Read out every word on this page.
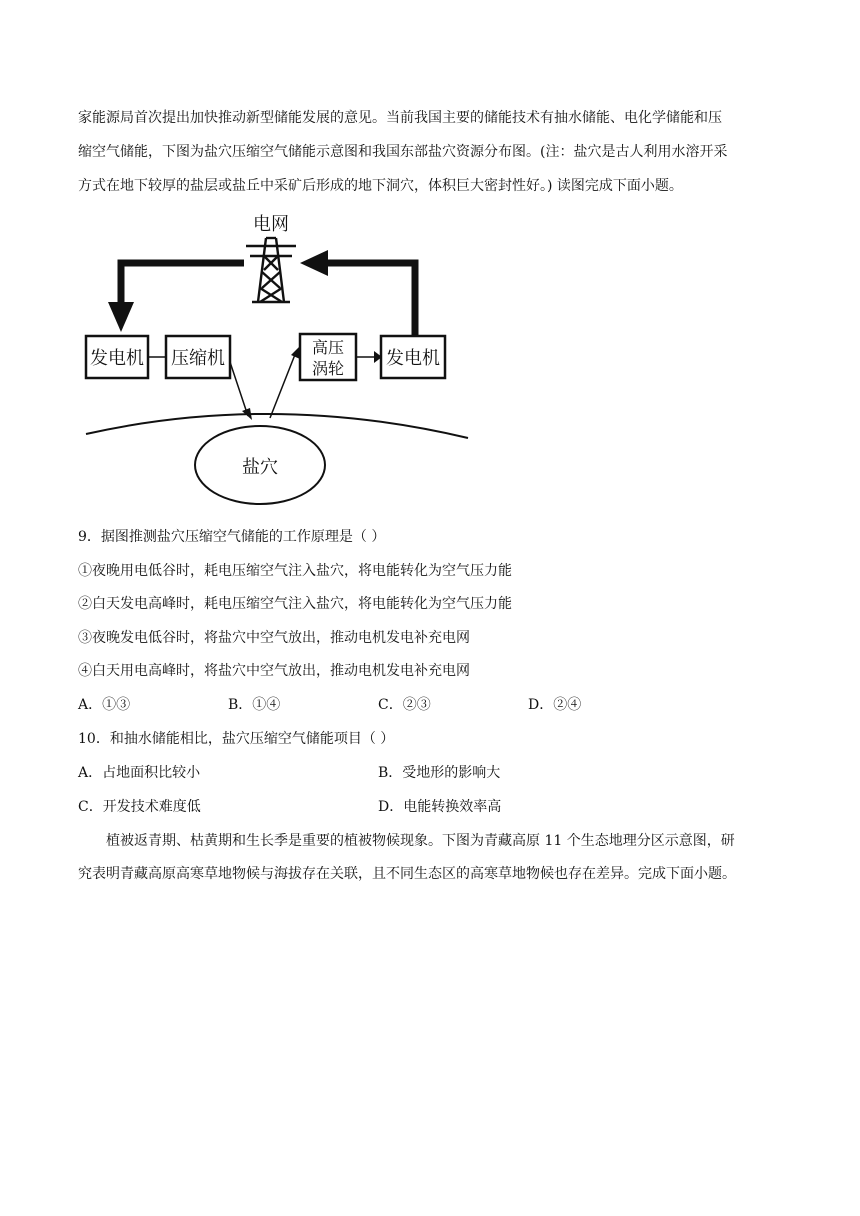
家能源局首次提出加快推动新型储能发展的意见。当前我国主要的储能技术有抽水储能、电化学储能和压
缩空气储能，下图为盐穴压缩空气储能示意图和我国东部盐穴资源分布图。(注：盐穴是古人利用水溶开采
方式在地下较厚的盐层或盐丘中采矿后形成的地下洞穴，体积巨大密封性好。) 读图完成下面小题。
盐穴
电网
发电机 压缩机
高压
涡轮 发电机
9．据图推测盐穴压缩空气储能的工作原理是（ ）
①夜晚用电低谷时，耗电压缩空气注入盐穴，将电能转化为空气压力能
②白天发电高峰时，耗电压缩空气注入盐穴，将电能转化为空气压力能
③夜晚发电低谷时，将盐穴中空气放出，推动电机发电补充电网
④白天用电高峰时，将盐穴中空气放出，推动电机发电补充电网
A．①③	B．①④	C．②③	D．②④
10．和抽水储能相比，盐穴压缩空气储能项目（ ）
A．占地面积比较小	B．受地形的影响大
C．开发技术难度低	D．电能转换效率高
植被返青期、枯黄期和生长季是重要的植被物候现象。下图为青藏高原 11 个生态地理分区示意图，研
究表明青藏高原高寒草地物候与海拔存在关联，且不同生态区的高寒草地物候也存在差异。完成下面小题。
